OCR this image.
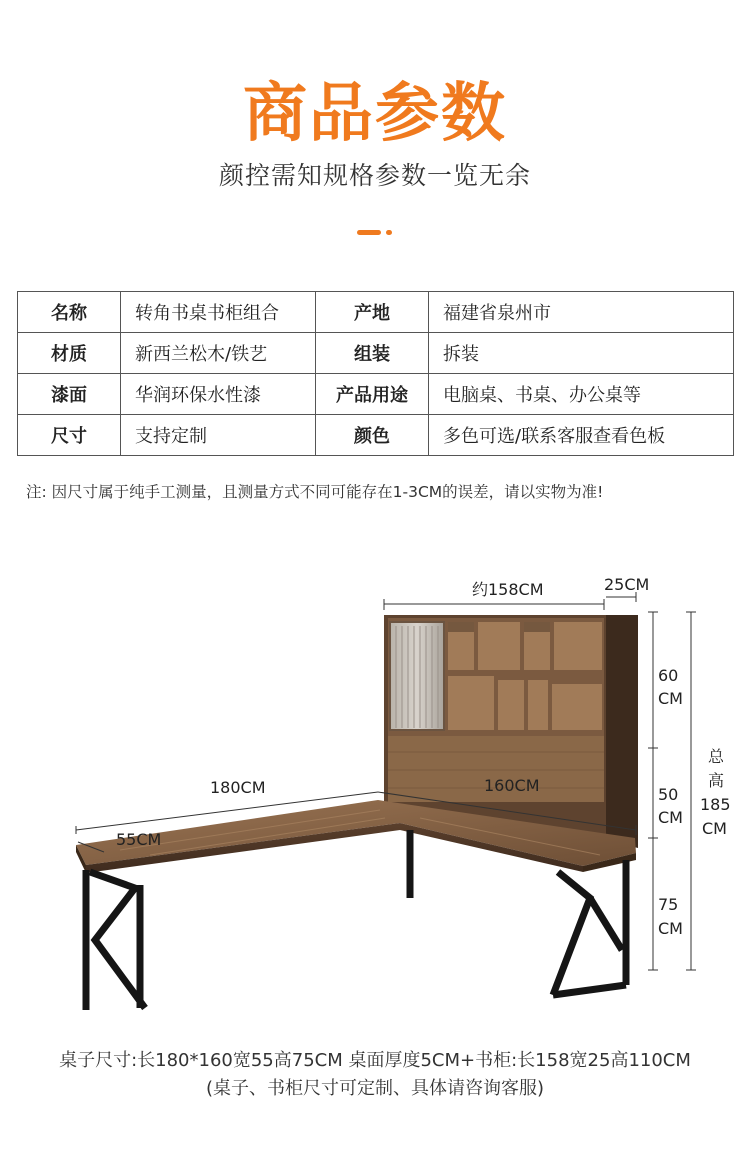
商品参数
颜控需知规格参数一览无余
名称	转角书桌书柜组合	产地	福建省泉州市
材质	新西兰松木/铁艺	组装	拆装
漆面	华润环保水性漆	产品用途	电脑桌、书桌、办公桌等
尺寸	支持定制	颜色	多色可选/联系客服查看色板
注: 因尺寸属于纯手工测量，且测量方式不同可能存在1-3CM的误差，请以实物为准!
约158CM	25CM
180CM	160CM
55CM
60
CM
50
CM
75
CM
总
高
185
CM
桌子尺寸:长180*160宽55高75CM 桌面厚度5CM+书柜:长158宽25高110CM
(桌子、书柜尺寸可定制、具体请咨询客服)
